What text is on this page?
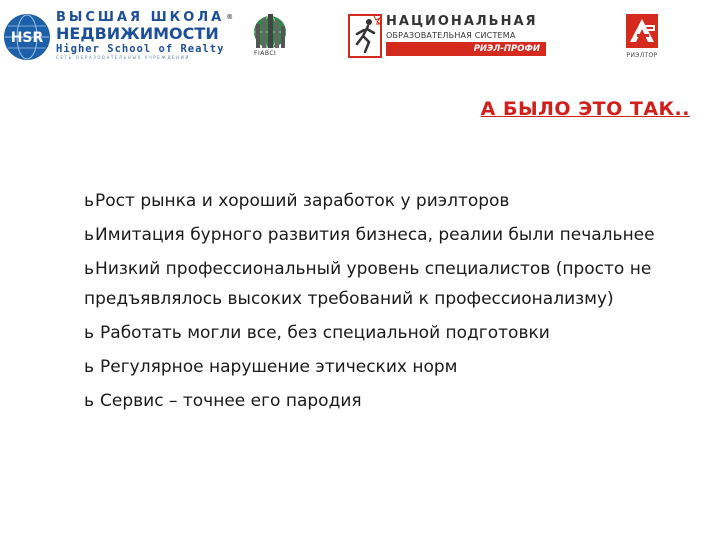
HSR
ВЫСШАЯ ШКОЛА ®
НЕДВИЖИМОСТИ
Higher School of Realty
СЕТЬ ОБРАЗОВАТЕЛЬНЫХ УЧРЕЖДЕНИЙ
FIABCI
НАЦИОНАЛЬНАЯ
ОБРАЗОВАТЕЛЬНАЯ СИСТЕМА
РИЭЛ-ПРОФИ
РИЭЛТОР
А БЫЛО ЭТО ТАК..
ьРост рынка и хороший заработок у риэлторов
ьИмитация бурного развития бизнеса, реалии были печальнее
ьНизкий профессиональный уровень специалистов (просто не предъявлялось высоких требований к профессионализму)
ь Работать могли все, без специальной подготовки
ь Регулярное нарушение этических норм
ь Сервис – точнее его пародия
